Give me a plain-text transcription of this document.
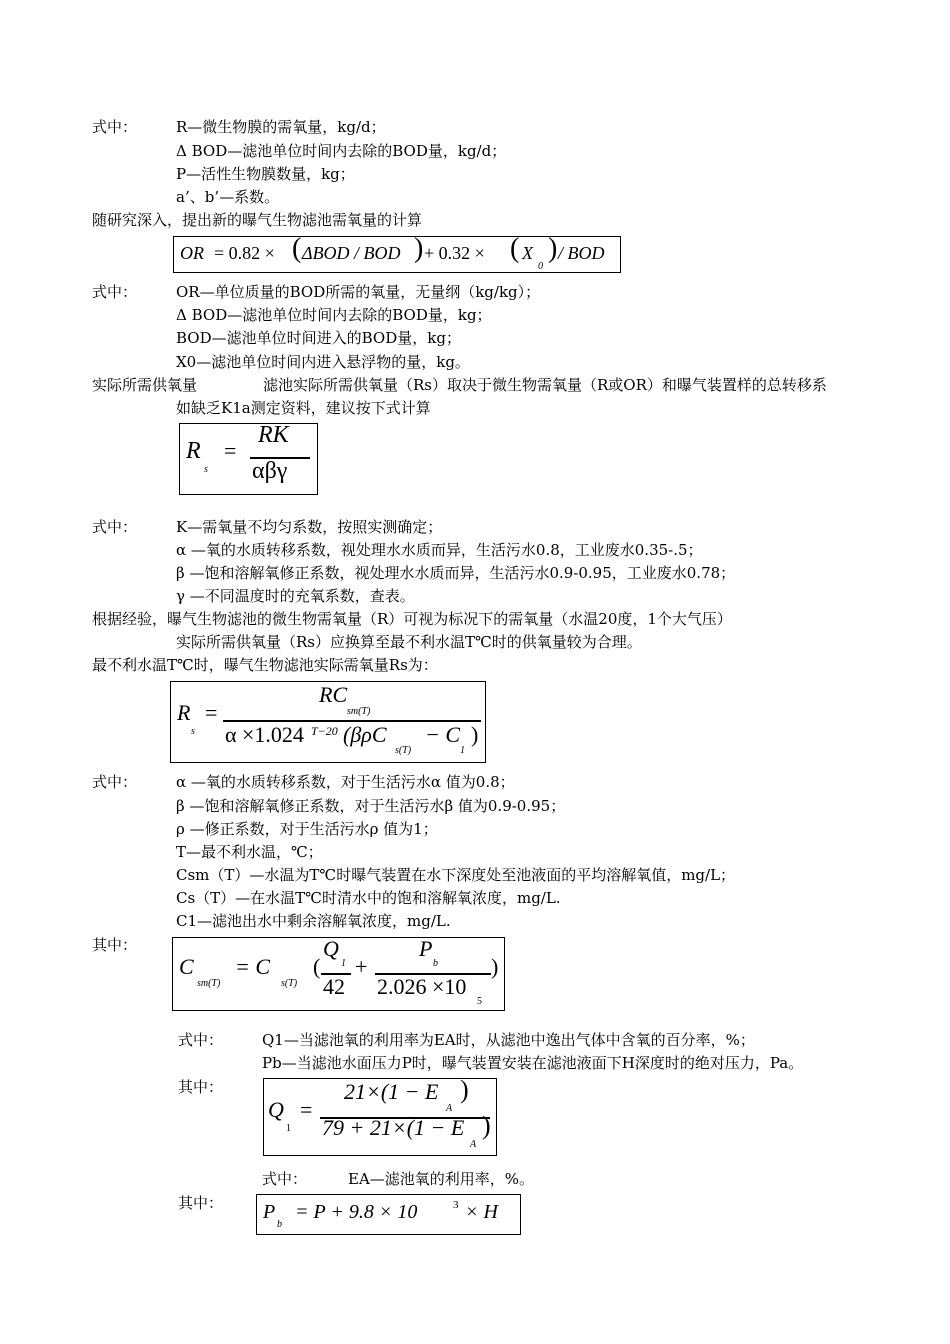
式中：	R—微生物膜的需氧量，kg/d；
Δ BOD—滤池单位时间内去除的BOD量，kg/d；
P—活性生物膜数量，kg；
a’、b’—系数。
随研究深入，提出新的曝气生物滤池需氧量的计算
OR = 0.82 × ( ΔBOD / BOD ) + 0.32 × ( X
0
) / BOD
式中：	OR—单位质量的BOD所需的氧量，无量纲（kg/kg）；
Δ BOD—滤池单位时间内去除的BOD量，kg；
BOD—滤池单位时间进入的BOD量，kg；
X0—滤池单位时间内进入悬浮物的量，kg。
实际所需供氧量	滤池实际所需供氧量（Rs）取决于微生物需氧量（R或OR）和曝气装置样的总转移系
如缺乏K1a测定资料，建议按下式计算
R
s
=
RK
αβγ
式中：	K—需氧量不均匀系数，按照实测确定；
α —氧的水质转移系数，视处理水水质而异，生活污水0.8，工业废水0.35-.5；
β —饱和溶解氧修正系数，视处理水水质而异，生活污水0.9-0.95，工业废水0.78；
γ —不同温度时的充氧系数，查表。
根据经验，曝气生物滤池的微生物需氧量（R）可视为标况下的需氧量（水温20度，1个大气压）
实际所需供氧量（Rs）应换算至最不利水温T℃时的供氧量较为合理。
最不利水温T℃时，曝气生物滤池实际需氧量Rs为：
R
s
=
RC
sm(T)
α ×1.024 T−20 (βρC
s(T)
− C
1
)
式中：	α —氧的水质转移系数，对于生活污水α 值为0.8；
β —饱和溶解氧修正系数，对于生活污水β 值为0.9-0.95；
ρ —修正系数，对于生活污水ρ 值为1；
T—最不利水温，℃；
Csm（T）—水温为T℃时曝气装置在水下深度处至池液面的平均溶解氧值，mg/L；
Cs（T）—在水温T℃时清水中的饱和溶解氧浓度，mg/L.
C1—滤池出水中剩余溶解氧浓度，mg/L.
其中：
C
sm(T)
= C
s(T)
(
Q
1
42
+
P
b
2.026 ×10
5
)
式中：	Q1—当滤池氧的利用率为EA时，从滤池中逸出气体中含氧的百分率，%；
Pb—当滤池水面压力P时，曝气装置安装在滤池液面下H深度时的绝对压力，Pa。
其中：
Q
1
=
21×(1 − E
A
)
79 + 21×(1 − E
A
)
式中：	EA—滤池氧的利用率，%。
其中： P
b
= P + 9.8 × 10	3 × H
